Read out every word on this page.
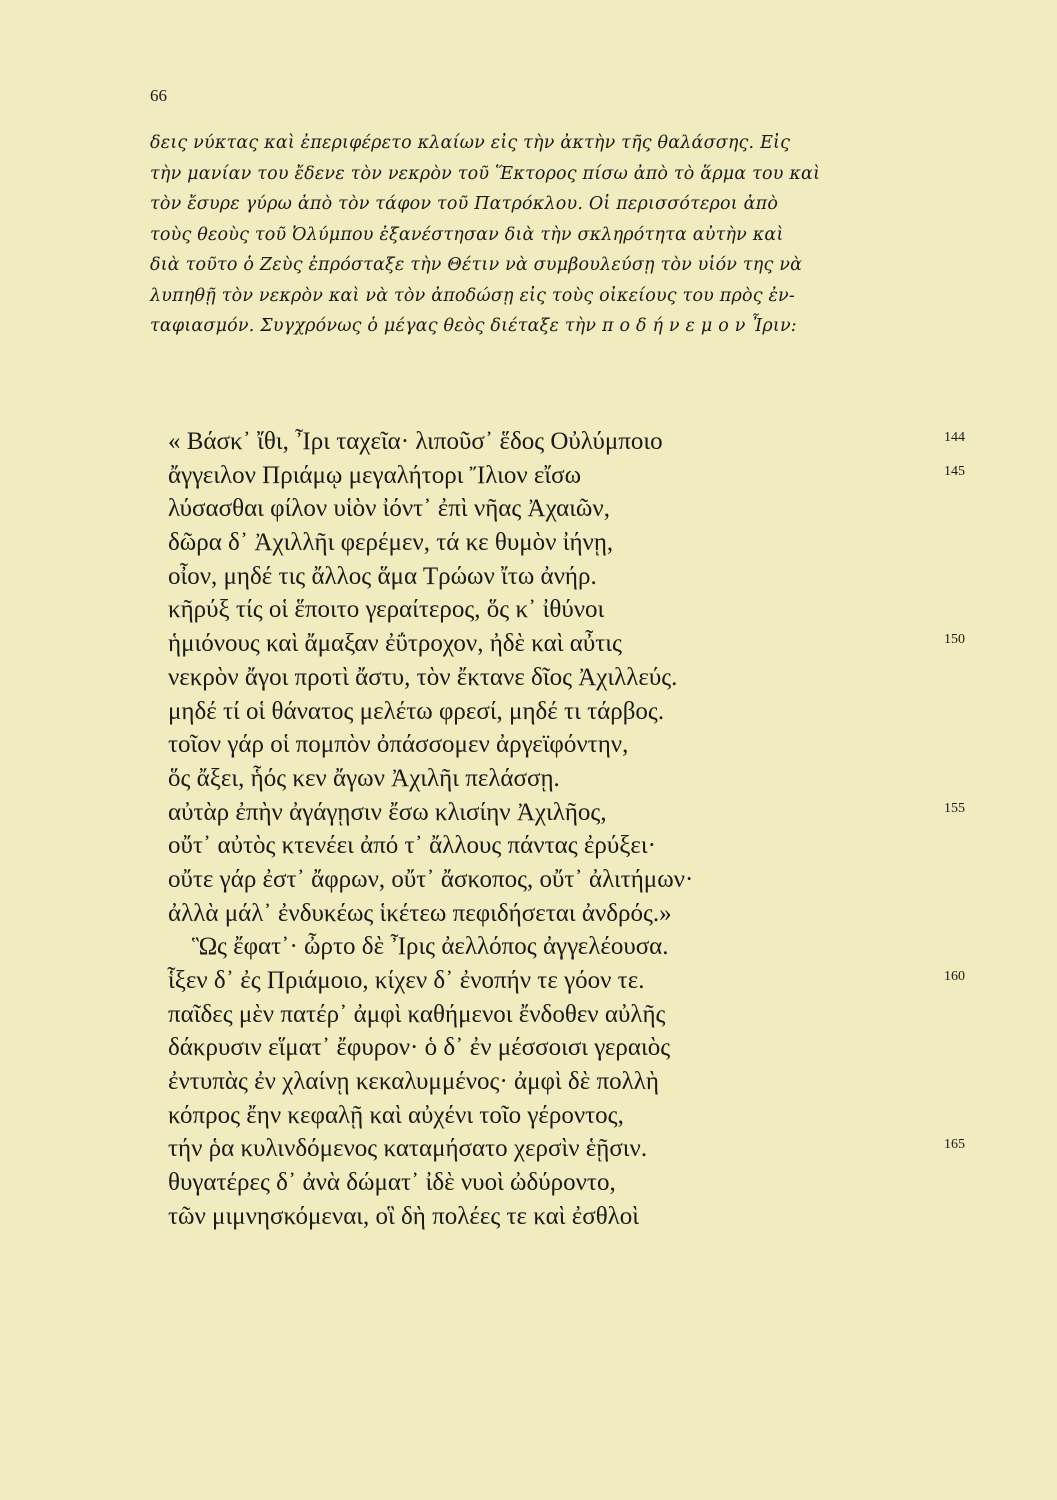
66
δεις νύκτας καὶ ἐπεριφέρετο κλαίων εἰς τὴν ἀκτὴν τῆς θαλάσσης. Εἰς
τὴν μανίαν του ἔδενε τὸν νεκρὸν τοῦ Ἕκτορος πίσω ἀπὸ τὸ ἅρμα του καὶ
τὸν ἔσυρε γύρω ἀπὸ τὸν τάφον τοῦ Πατρόκλου. Οἱ περισσότεροι ἀπὸ
τοὺς θεοὺς τοῦ Ὀλύμπου ἐξανέστησαν διὰ τὴν σκληρότητα αὐτὴν καὶ
διὰ τοῦτο ὁ Ζεὺς ἐπρόσταξε τὴν Θέτιν νὰ συμβουλεύσῃ τὸν υἱόν της νὰ
λυπηθῇ τὸν νεκρὸν καὶ νὰ τὸν ἀποδώσῃ εἰς τοὺς οἰκείους του πρὸς ἐν-
ταφιασμόν. Συγχρόνως ὁ μέγας θεὸς διέταξε τὴν π ο δ ή ν ε μ ο ν Ἶριν:
« Βάσκ᾽ ἴθι, Ἶρι ταχεῖα· λιποῦσ᾽ ἕδος Οὐλύμποιο	144
ἄγγειλον Πριάμῳ μεγαλήτορι Ἴλιον εἴσω	145
λύσασθαι φίλον υἱὸν ἰόντ᾽ ἐπὶ νῆας Ἀχαιῶν,
δῶρα δ᾽ Ἀχιλλῆι φερέμεν, τά κε θυμὸν ἰήνῃ,
οἶον, μηδέ τις ἄλλος ἅμα Τρώων ἴτω ἀνήρ.
κῆρύξ τίς οἱ ἕποιτο γεραίτερος, ὅς κ᾽ ἰθύνοι
ἡμιόνους καὶ ἄμαξαν ἐΰτροχον, ἠδὲ καὶ αὖτις	150
νεκρὸν ἄγοι προτὶ ἄστυ, τὸν ἔκτανε δῖος Ἀχιλλεύς.
μηδέ τί οἱ θάνατος μελέτω φρεσί, μηδέ τι τάρβος.
τοῖον γάρ οἱ πομπὸν ὀπάσσομεν ἀργεϊφόντην,
ὅς ἄξει, ἧός κεν ἄγων Ἀχιλῆι πελάσσῃ.
αὐτὰρ ἐπὴν ἀγάγῃσιν ἔσω κλισίην Ἀχιλῆος,	155
οὔτ᾽ αὐτὸς κτενέει ἀπό τ᾽ ἄλλους πάντας ἐρύξει·
οὔτε γάρ ἐστ᾽ ἄφρων, οὔτ᾽ ἄσκοπος, οὔτ᾽ ἀλιτήμων·
ἀλλὰ μάλ᾽ ἐνδυκέως ἱκέτεω πεφιδήσεται ἀνδρός.»
Ὣς ἔφατ᾽· ὦρτο δὲ Ἶρις ἀελλόπος ἀγγελέουσα.
ἷξεν δ᾽ ἐς Πριάμοιο, κίχεν δ᾽ ἐνοπήν τε γόον τε.	160
παῖδες μὲν πατέρ᾽ ἀμφὶ καθήμενοι ἔνδοθεν αὐλῆς
δάκρυσιν εἵματ᾽ ἔφυρον· ὁ δ᾽ ἐν μέσσοισι γεραιὸς
ἐντυπὰς ἐν χλαίνῃ κεκαλυμμένος· ἀμφὶ δὲ πολλὴ
κόπρος ἔην κεφαλῇ καὶ αὐχένι τοῖο γέροντος,
τήν ῥα κυλινδόμενος καταμήσατο χερσὶν ἑῇσιν.	165
θυγατέρες δ᾽ ἀνὰ δώματ᾽ ἰδὲ νυοὶ ὠδύροντο,
τῶν μιμνησκόμεναι, οἳ δὴ πολέες τε καὶ ἐσθλοὶ
